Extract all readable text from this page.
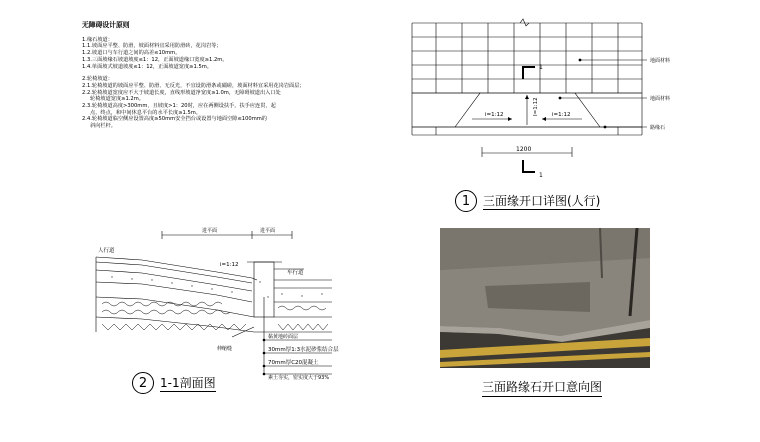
无障碍设计原则
1.缘石坡道：
1.1.坡面应平整、防滑，坡面材料宜采用防滑砖，花岗岩等；
1.2.坡道口与车行道之间的高差≤10mm。
1.3.三面坡缘石坡道坡度≤1：12，正面坡道缘口宽度≥1.2m。
1.4.单面坡式坡道坡度≤1：12，正面坡道宽度≥1.5m。
2.轮椅坡道：
2.1.轮椅坡道的坡面应平整、防滑、无反光，不宜设防滑条或礓磋，坡面材料宜采用花岗岩面层；
2.2.轮椅坡道宽度应不大于坡道长度，直线形坡道净宽度≥1.0m，无障碍坡道出入口处
轮椅坡道宽度≥1.2m。
2.3.轮椅坡道高度>300mm，且坡度>1：20时，应在两侧设扶手，扶手应连贯，起
点、终点，和中间休息平台的水平长度≥1.5m。
2.4.轮椅坡道临空侧应设置高度≥50mm安全挡台或设置与地面空隙≤100mm的
斜向栏杆。
1
1
地面材料
地面材料
路缘石
i=1:12	i=1:12
I=1:12
1200
1	三面缘开口详图(人行)
人行道
车行道
进平面	进平面
i=1:12
伸缩缝
黏黄地砖面层
30mm厚1:3水泥砂浆结合层
70mm厚C20混凝土
素土夯实，密实度大于93%
2	1-1剖面图	三面路缘石开口意向图
